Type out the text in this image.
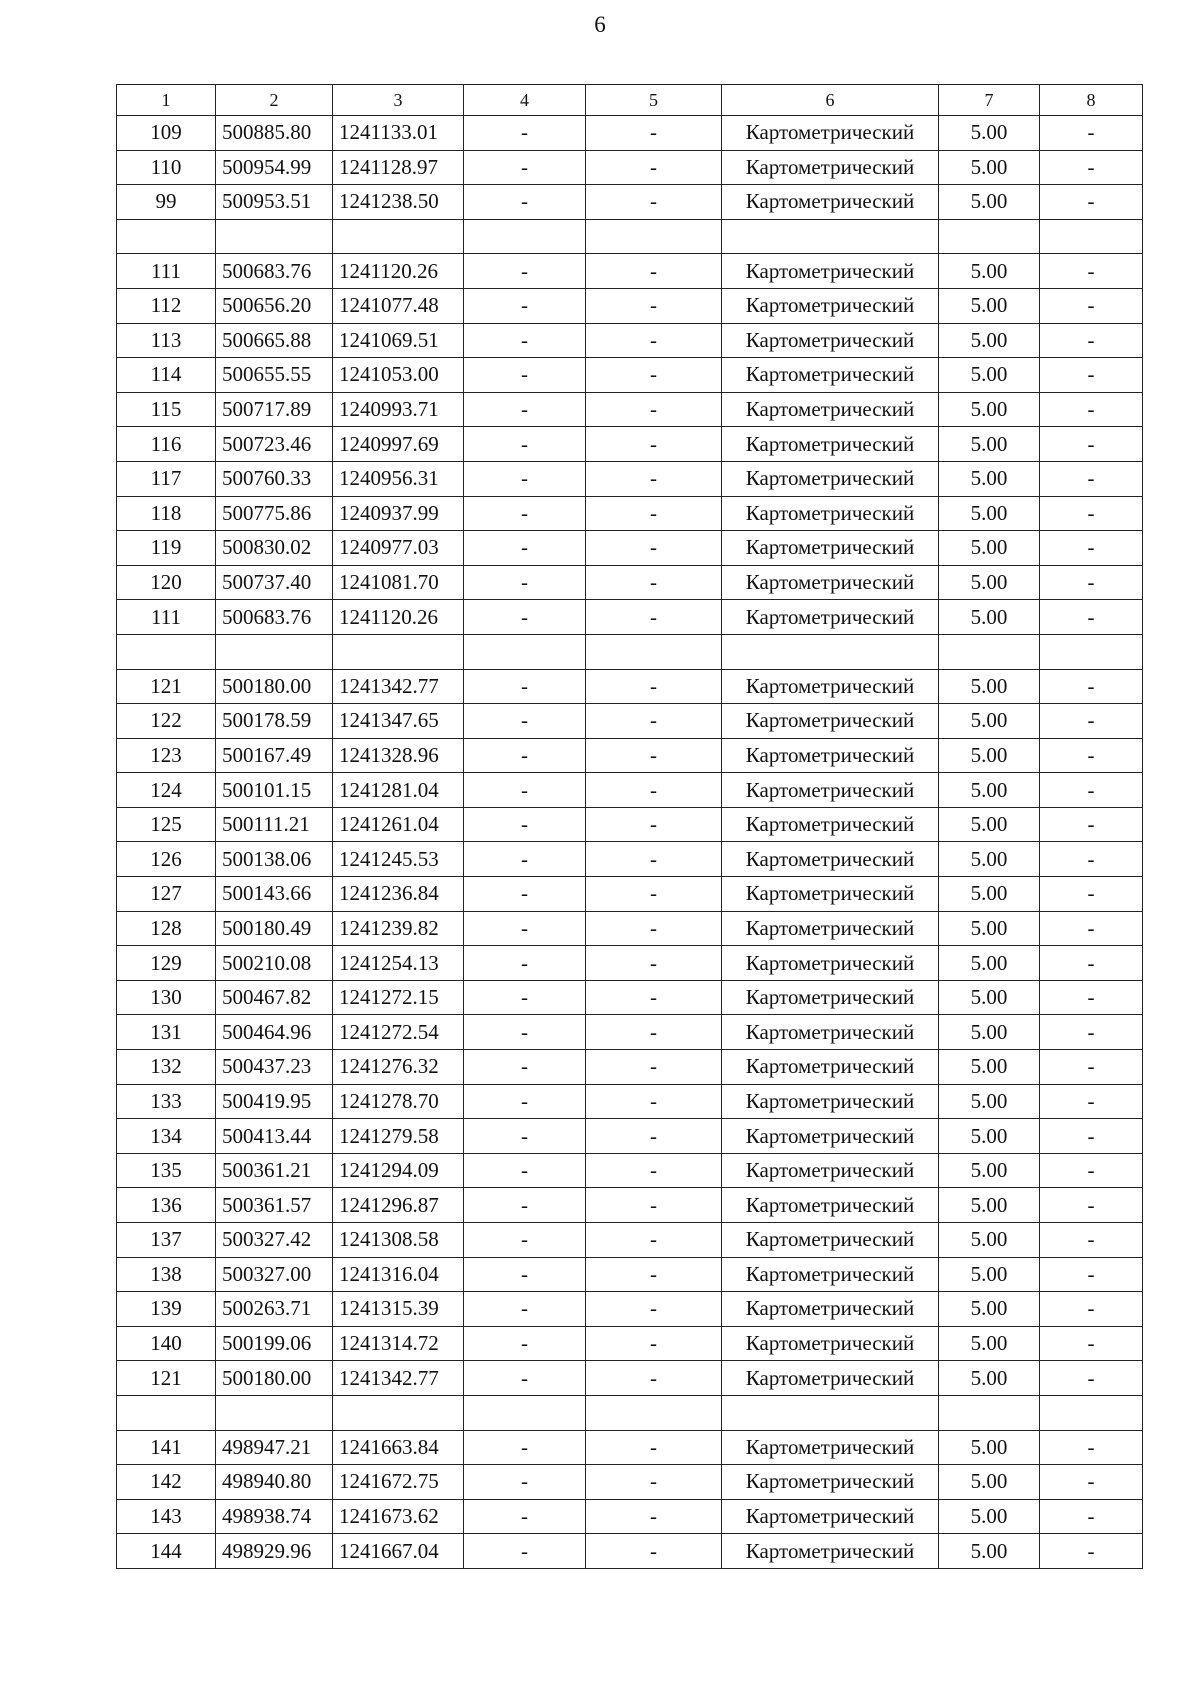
6
1	2	3	4	5	6	7	8
109	500885.80	1241133.01	-	-	Картометрический	5.00	-
110	500954.99	1241128.97	-	-	Картометрический	5.00	-
99	500953.51	1241238.50	-	-	Картометрический	5.00	-

111	500683.76	1241120.26	-	-	Картометрический	5.00	-
112	500656.20	1241077.48	-	-	Картометрический	5.00	-
113	500665.88	1241069.51	-	-	Картометрический	5.00	-
114	500655.55	1241053.00	-	-	Картометрический	5.00	-
115	500717.89	1240993.71	-	-	Картометрический	5.00	-
116	500723.46	1240997.69	-	-	Картометрический	5.00	-
117	500760.33	1240956.31	-	-	Картометрический	5.00	-
118	500775.86	1240937.99	-	-	Картометрический	5.00	-
119	500830.02	1240977.03	-	-	Картометрический	5.00	-
120	500737.40	1241081.70	-	-	Картометрический	5.00	-
111	500683.76	1241120.26	-	-	Картометрический	5.00	-

121	500180.00	1241342.77	-	-	Картометрический	5.00	-
122	500178.59	1241347.65	-	-	Картометрический	5.00	-
123	500167.49	1241328.96	-	-	Картометрический	5.00	-
124	500101.15	1241281.04	-	-	Картометрический	5.00	-
125	500111.21	1241261.04	-	-	Картометрический	5.00	-
126	500138.06	1241245.53	-	-	Картометрический	5.00	-
127	500143.66	1241236.84	-	-	Картометрический	5.00	-
128	500180.49	1241239.82	-	-	Картометрический	5.00	-
129	500210.08	1241254.13	-	-	Картометрический	5.00	-
130	500467.82	1241272.15	-	-	Картометрический	5.00	-
131	500464.96	1241272.54	-	-	Картометрический	5.00	-
132	500437.23	1241276.32	-	-	Картометрический	5.00	-
133	500419.95	1241278.70	-	-	Картометрический	5.00	-
134	500413.44	1241279.58	-	-	Картометрический	5.00	-
135	500361.21	1241294.09	-	-	Картометрический	5.00	-
136	500361.57	1241296.87	-	-	Картометрический	5.00	-
137	500327.42	1241308.58	-	-	Картометрический	5.00	-
138	500327.00	1241316.04	-	-	Картометрический	5.00	-
139	500263.71	1241315.39	-	-	Картометрический	5.00	-
140	500199.06	1241314.72	-	-	Картометрический	5.00	-
121	500180.00	1241342.77	-	-	Картометрический	5.00	-

141	498947.21	1241663.84	-	-	Картометрический	5.00	-
142	498940.80	1241672.75	-	-	Картометрический	5.00	-
143	498938.74	1241673.62	-	-	Картометрический	5.00	-
144	498929.96	1241667.04	-	-	Картометрический	5.00	-
